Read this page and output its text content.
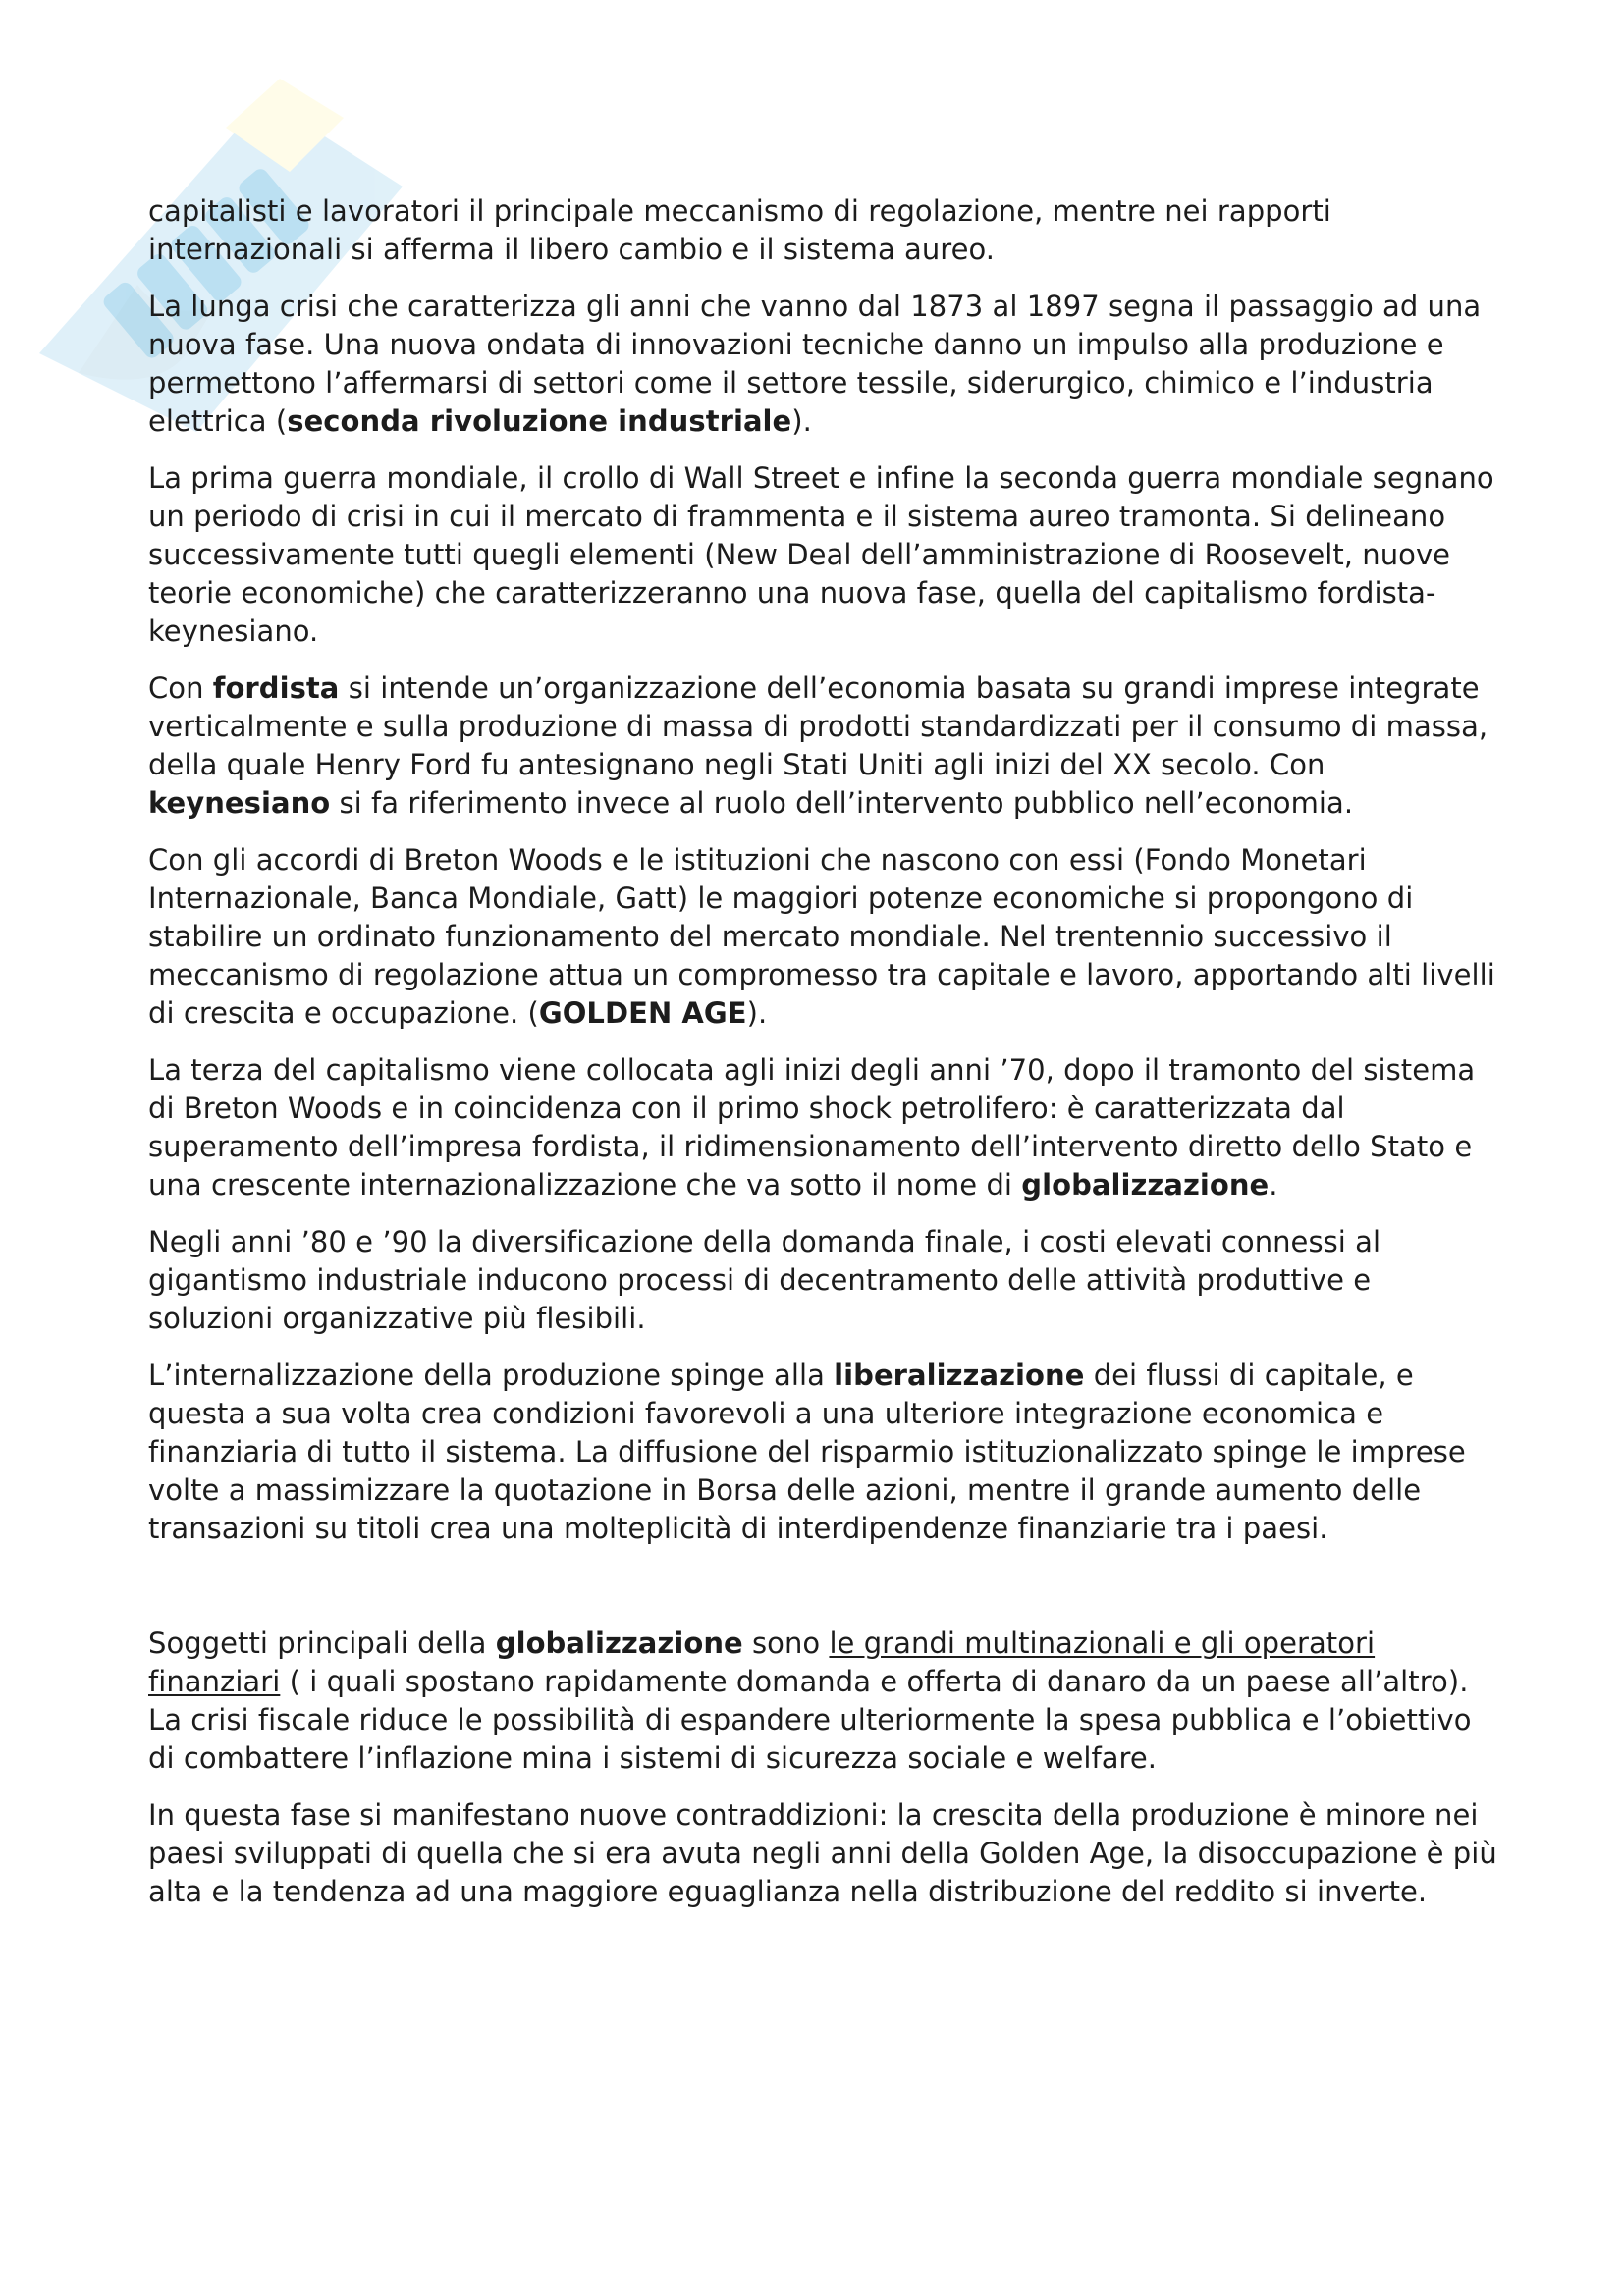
capitalisti e lavoratori il principale meccanismo di regolazione, mentre nei rapporti internazionali si afferma il libero cambio e il sistema aureo.

La lunga crisi che caratterizza gli anni che vanno dal 1873 al 1897 segna il passaggio ad una nuova fase. Una nuova ondata di innovazioni tecniche danno un impulso alla produzione e permettono l’affermarsi di settori come il settore tessile, siderurgico, chimico e l’industria elettrica (seconda rivoluzione industriale).

La prima guerra mondiale, il crollo di Wall Street e infine la seconda guerra mondiale segnano un periodo di crisi in cui il mercato di frammenta e il sistema aureo tramonta. Si delineano successivamente tutti quegli elementi (New Deal dell’amministrazione di Roosevelt, nuove teorie economiche) che caratterizzeranno una nuova fase, quella del capitalismo fordista-keynesiano.

Con fordista si intende un’organizzazione dell’economia basata su grandi imprese integrate verticalmente e sulla produzione di massa di prodotti standardizzati per il consumo di massa, della quale Henry Ford fu antesignano negli Stati Uniti agli inizi del XX secolo. Con keynesiano si fa riferimento invece al ruolo dell’intervento pubblico nell’economia.

Con gli accordi di Breton Woods e le istituzioni che nascono con essi (Fondo Monetari Internazionale, Banca Mondiale, Gatt) le maggiori potenze economiche si propongono di stabilire un ordinato funzionamento del mercato mondiale. Nel trentennio successivo il meccanismo di regolazione attua un compromesso tra capitale e lavoro, apportando alti livelli di crescita e occupazione. (GOLDEN AGE).

La terza del capitalismo viene collocata agli inizi degli anni ’70, dopo il tramonto del sistema di Breton Woods e in coincidenza con il primo shock petrolifero: è caratterizzata dal superamento dell’impresa fordista, il ridimensionamento dell’intervento diretto dello Stato e una crescente internazionalizzazione che va sotto il nome di globalizzazione.

Negli anni ’80 e ’90 la diversificazione della domanda finale, i costi elevati connessi al gigantismo industriale inducono processi di decentramento delle attività produttive e soluzioni organizzative più flesibili.

L’internalizzazione della produzione spinge alla liberalizzazione dei flussi di capitale, e questa a sua volta crea condizioni favorevoli a una ulteriore integrazione economica e finanziaria di tutto il sistema. La diffusione del risparmio istituzionalizzato spinge le imprese volte a massimizzare la quotazione in Borsa delle azioni, mentre il grande aumento delle transazioni su titoli crea una molteplicità di interdipendenze finanziarie tra i paesi.

Soggetti principali della globalizzazione sono le grandi multinazionali e gli operatori finanziari ( i quali spostano rapidamente domanda e offerta di danaro da un paese all’altro). La crisi fiscale riduce le possibilità di espandere ulteriormente la spesa pubblica e l’obiettivo di combattere l’inflazione mina i sistemi di sicurezza sociale e welfare.

In questa fase si manifestano nuove contraddizioni: la crescita della produzione è minore nei paesi sviluppati di quella che si era avuta negli anni della Golden Age, la disoccupazione è più alta e la tendenza ad una maggiore eguaglianza nella distribuzione del reddito si inverte.
